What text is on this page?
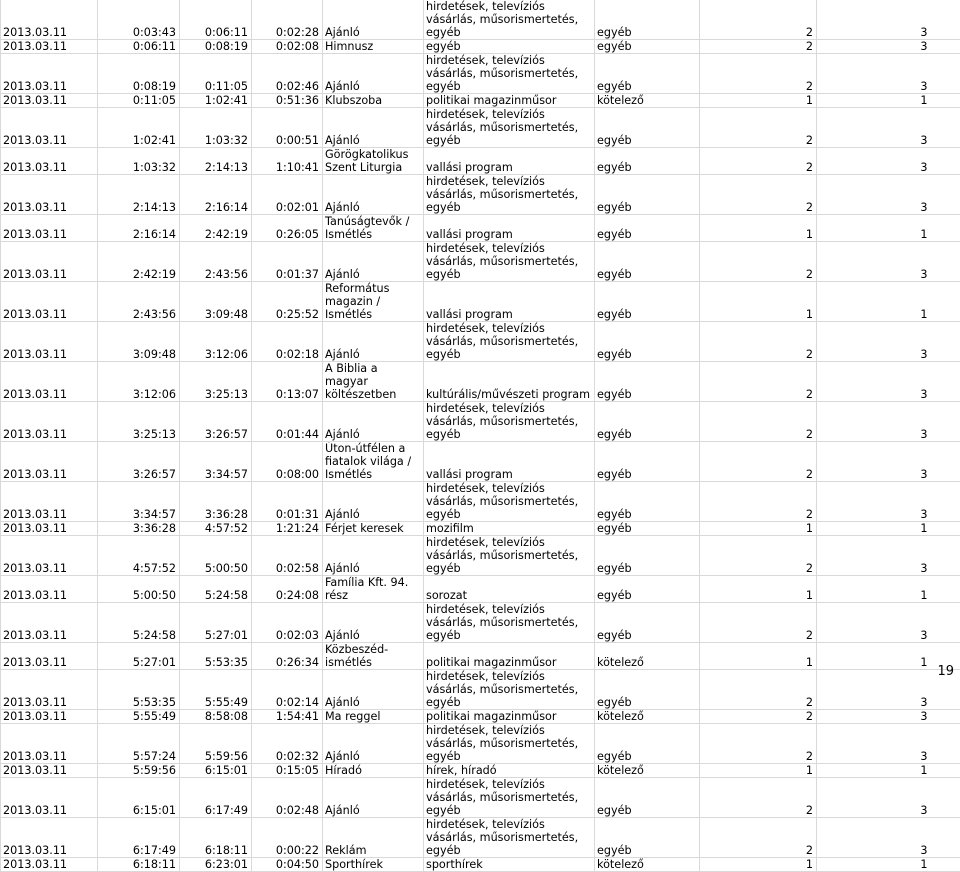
2013.03.11	0:03:43	0:06:11	0:02:28	Ajánló	hirdetések, televíziós vásárlás, műsorismertetés, egyéb	egyéb	2	3	
2013.03.11	0:06:11	0:08:19	0:02:08	Himnusz	egyéb	egyéb	2	3	
2013.03.11	0:08:19	0:11:05	0:02:46	Ajánló	hirdetések, televíziós vásárlás, műsorismertetés, egyéb	egyéb	2	3	
2013.03.11	0:11:05	1:02:41	0:51:36	Klubszoba	politikai magazinműsor	kötelező	1	1	
2013.03.11	1:02:41	1:03:32	0:00:51	Ajánló	hirdetések, televíziós vásárlás, műsorismertetés, egyéb	egyéb	2	3	
2013.03.11	1:03:32	2:14:13	1:10:41	Görögkatolikus Szent Liturgia	vallási program	egyéb	2	3	
2013.03.11	2:14:13	2:16:14	0:02:01	Ajánló	hirdetések, televíziós vásárlás, műsorismertetés, egyéb	egyéb	2	3	
2013.03.11	2:16:14	2:42:19	0:26:05	Tanúságtevők / Ismétlés	vallási program	egyéb	1	1	
2013.03.11	2:42:19	2:43:56	0:01:37	Ajánló	hirdetések, televíziós vásárlás, műsorismertetés, egyéb	egyéb	2	3	
2013.03.11	2:43:56	3:09:48	0:25:52	Református magazin / Ismétlés	vallási program	egyéb	1	1	
2013.03.11	3:09:48	3:12:06	0:02:18	Ajánló	hirdetések, televíziós vásárlás, műsorismertetés, egyéb	egyéb	2	3	
2013.03.11	3:12:06	3:25:13	0:13:07	A Biblia a magyar költészetben	kultúrális/művészeti program	egyéb	2	3	
2013.03.11	3:25:13	3:26:57	0:01:44	Ajánló	hirdetések, televíziós vásárlás, műsorismertetés, egyéb	egyéb	2	3	
2013.03.11	3:26:57	3:34:57	0:08:00	Úton-útfélen a fiatalok világa / Ismétlés	vallási program	egyéb	2	3	
2013.03.11	3:34:57	3:36:28	0:01:31	Ajánló	hirdetések, televíziós vásárlás, műsorismertetés, egyéb	egyéb	2	3	
2013.03.11	3:36:28	4:57:52	1:21:24	Férjet keresek	mozifilm	egyéb	1	1	
2013.03.11	4:57:52	5:00:50	0:02:58	Ajánló	hirdetések, televíziós vásárlás, műsorismertetés, egyéb	egyéb	2	3	
2013.03.11	5:00:50	5:24:58	0:24:08	Família Kft. 94. rész	sorozat	egyéb	1	1	
2013.03.11	5:24:58	5:27:01	0:02:03	Ajánló	hirdetések, televíziós vásárlás, műsorismertetés, egyéb	egyéb	2	3	
2013.03.11	5:27:01	5:53:35	0:26:34	Közbeszéd-ismétlés	politikai magazinműsor	kötelező	1	1	
2013.03.11	5:53:35	5:55:49	0:02:14	Ajánló	hirdetések, televíziós vásárlás, műsorismertetés, egyéb	egyéb	2	3	
2013.03.11	5:55:49	8:58:08	1:54:41	Ma reggel	politikai magazinműsor	kötelező	2	3	
2013.03.11	5:57:24	5:59:56	0:02:32	Ajánló	hirdetések, televíziós vásárlás, műsorismertetés, egyéb	egyéb	2	3	
2013.03.11	5:59:56	6:15:01	0:15:05	Híradó	hírek, híradó	kötelező	1	1	
2013.03.11	6:15:01	6:17:49	0:02:48	Ajánló	hirdetések, televíziós vásárlás, műsorismertetés, egyéb	egyéb	2	3	
2013.03.11	6:17:49	6:18:11	0:00:22	Reklám	hirdetések, televíziós vásárlás, műsorismertetés, egyéb	egyéb	2	3	
2013.03.11	6:18:11	6:23:01	0:04:50	Sporthírek	sporthírek	kötelező	1	1	
19
